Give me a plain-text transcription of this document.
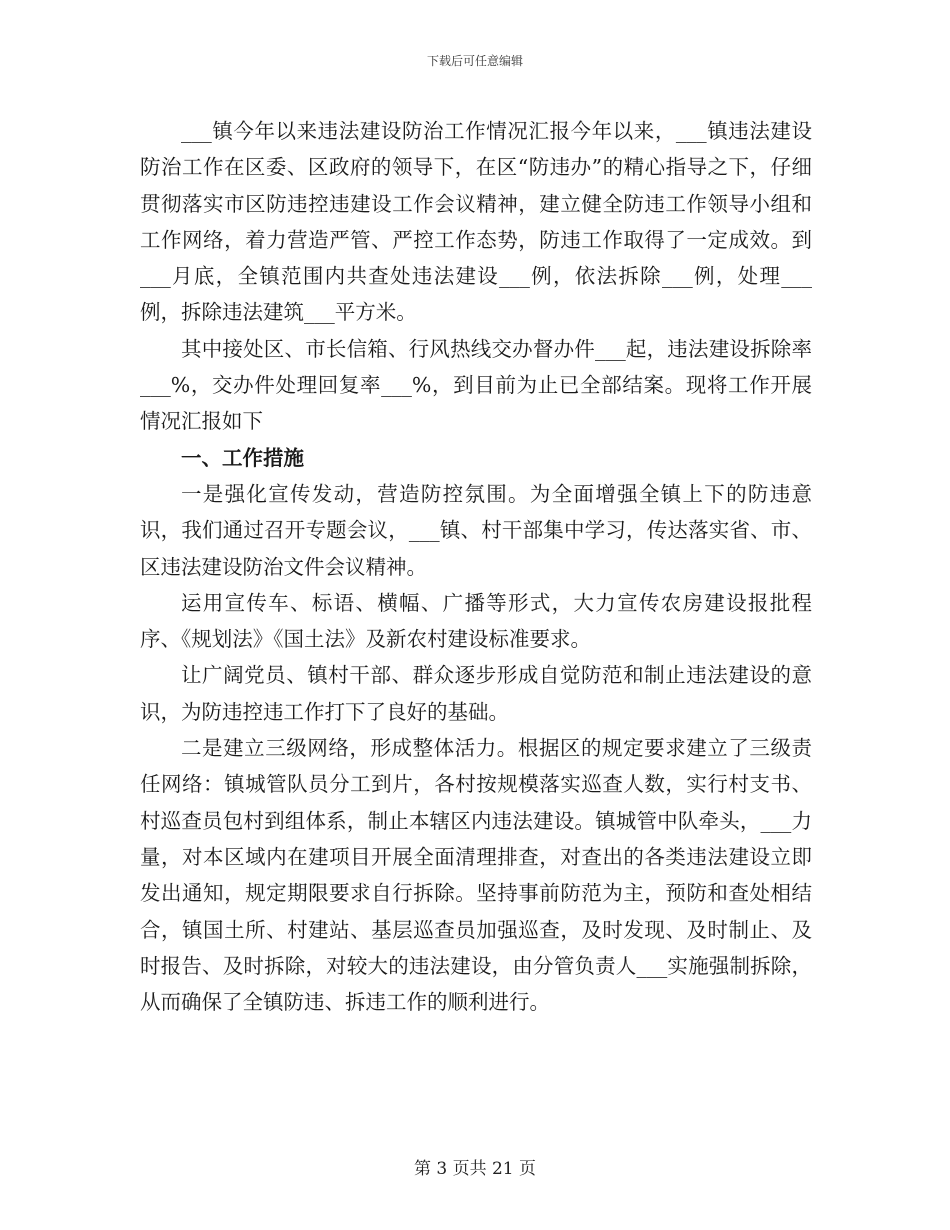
下载后可任意编辑

___镇今年以来违法建设防治工作情况汇报今年以来，___镇违法建设防治工作在区委、区政府的领导下，在区“防违办”的精心指导之下，仔细贯彻落实市区防违控违建设工作会议精神，建立健全防违工作领导小组和工作网络，着力营造严管、严控工作态势，防违工作取得了一定成效。到___月底，全镇范围内共查处违法建设___例，依法拆除___例，处理___例，拆除违法建筑___平方米。

其中接处区、市长信箱、行风热线交办督办件___起，违法建设拆除率___%，交办件处理回复率___%，到目前为止已全部结案。现将工作开展情况汇报如下

一、工作措施

一是强化宣传发动，营造防控氛围。为全面增强全镇上下的防违意识，我们通过召开专题会议，___镇、村干部集中学习，传达落实省、市、区违法建设防治文件会议精神。

运用宣传车、标语、横幅、广播等形式，大力宣传农房建设报批程序、《规划法》《国土法》及新农村建设标准要求。

让广阔党员、镇村干部、群众逐步形成自觉防范和制止违法建设的意识，为防违控违工作打下了良好的基础。

二是建立三级网络，形成整体活力。根据区的规定要求建立了三级责任网络：镇城管队员分工到片，各村按规模落实巡查人数，实行村支书、村巡查员包村到组体系，制止本辖区内违法建设。镇城管中队牵头，___力量，对本区域内在建项目开展全面清理排查，对查出的各类违法建设立即发出通知，规定期限要求自行拆除。坚持事前防范为主，预防和查处相结合，镇国土所、村建站、基层巡查员加强巡查，及时发现、及时制止、及时报告、及时拆除，对较大的违法建设，由分管负责人___实施强制拆除，从而确保了全镇防违、拆违工作的顺利进行。

第 3 页共 21 页
